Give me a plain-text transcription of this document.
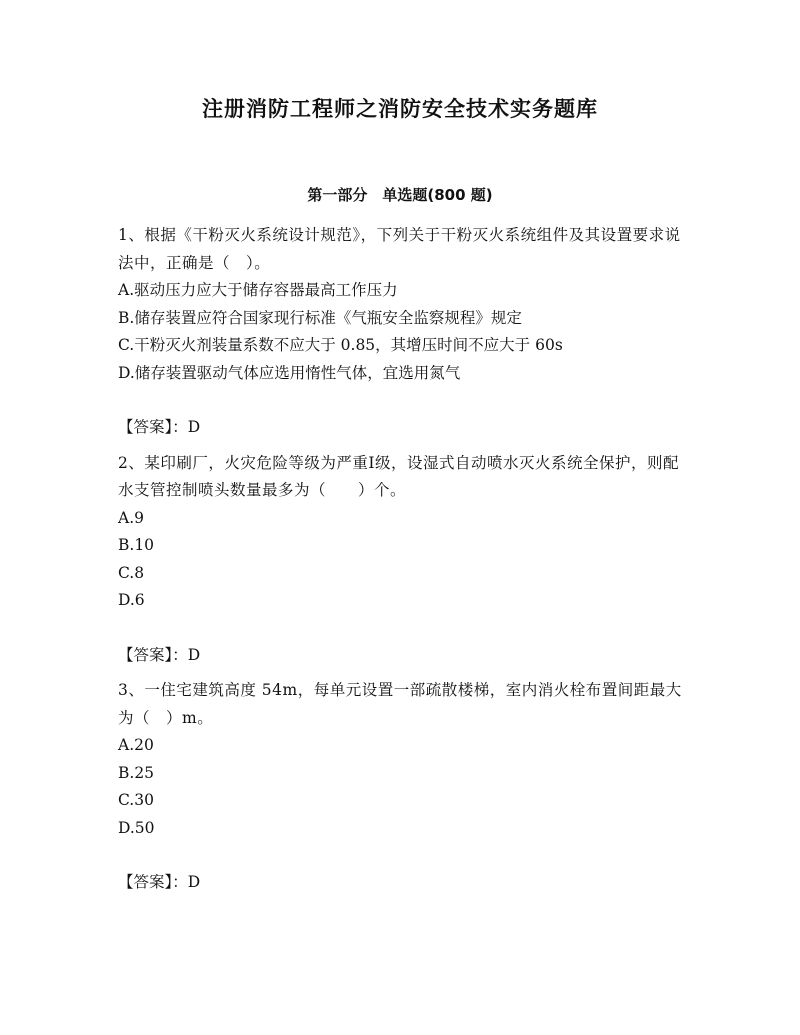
注册消防工程师之消防安全技术实务题库
第一部分　单选题(800 题)
1、根据《干粉灭火系统设计规范》，下列关于干粉灭火系统组件及其设置要求说法中，正确是（　）。
A.驱动压力应大于储存容器最高工作压力
B.储存装置应符合国家现行标准《气瓶安全监察规程》规定
C.干粉灭火剂装量系数不应大于 0.85，其增压时间不应大于 60s
D.储存装置驱动气体应选用惰性气体，宜选用氮气
【答案】：D
2、某印刷厂，火灾危险等级为严重Ⅰ级，设湿式自动喷水灭火系统全保护，则配水支管控制喷头数量最多为（　　）个。
A.9
B.10
C.8
D.6
【答案】：D
3、一住宅建筑高度 54m，每单元设置一部疏散楼梯，室内消火栓布置间距最大为（　）m。
A.20
B.25
C.30
D.50
【答案】：D
